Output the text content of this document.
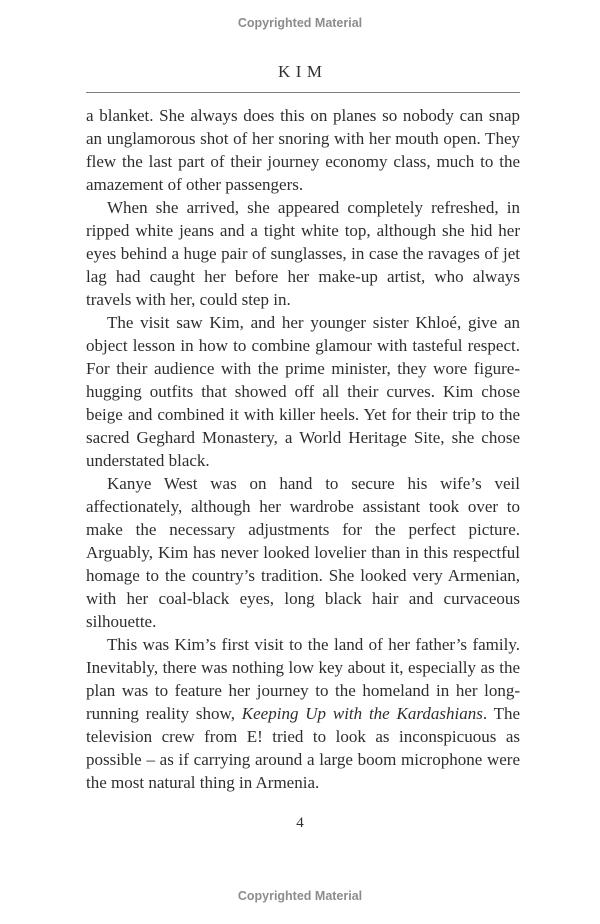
Copyrighted Material
KIM

a blanket. She always does this on planes so nobody can snap an unglamorous shot of her snoring with her mouth open. They flew the last part of their journey economy class, much to the amazement of other passengers.

When she arrived, she appeared completely refreshed, in ripped white jeans and a tight white top, although she hid her eyes behind a huge pair of sunglasses, in case the ravages of jet lag had caught her before her make-up artist, who always travels with her, could step in.

The visit saw Kim, and her younger sister Khloé, give an object lesson in how to combine glamour with tasteful respect. For their audience with the prime minister, they wore figure-hugging outfits that showed off all their curves. Kim chose beige and combined it with killer heels. Yet for their trip to the sacred Geghard Monastery, a World Heritage Site, she chose understated black.

Kanye West was on hand to secure his wife’s veil affectionately, although her wardrobe assistant took over to make the necessary adjustments for the perfect picture. Arguably, Kim has never looked lovelier than in this respectful homage to the country’s tradition. She looked very Armenian, with her coal-black eyes, long black hair and curvaceous silhouette.

This was Kim’s first visit to the land of her father’s family. Inevitably, there was nothing low key about it, especially as the plan was to feature her journey to the homeland in her long-running reality show, Keeping Up with the Kardashians. The television crew from E! tried to look as inconspicuous as possible – as if carrying around a large boom microphone were the most natural thing in Armenia.

4
Copyrighted Material
